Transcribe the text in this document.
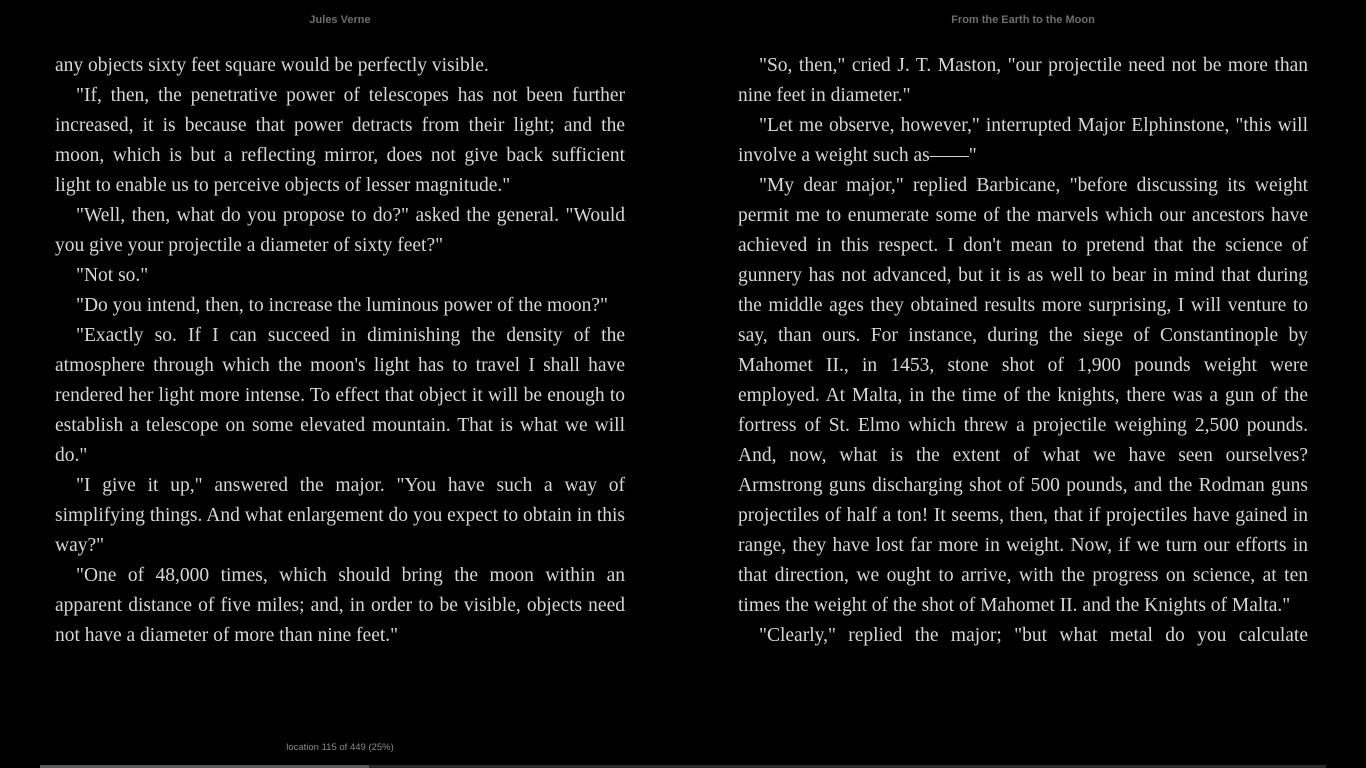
Jules Verne	From the Earth to the Moon

any objects sixty feet square would be perfectly visible.

"If, then, the penetrative power of telescopes has not been further increased, it is because that power detracts from their light; and the moon, which is but a reflecting mirror, does not give back sufficient light to enable us to perceive objects of lesser magnitude."

"Well, then, what do you propose to do?" asked the general. "Would you give your projectile a diameter of sixty feet?"

"Not so."

"Do you intend, then, to increase the luminous power of the moon?"

"Exactly so. If I can succeed in diminishing the density of the atmosphere through which the moon's light has to travel I shall have rendered her light more intense. To effect that object it will be enough to establish a telescope on some elevated mountain. That is what we will do."

"I give it up," answered the major. "You have such a way of simplifying things. And what enlargement do you expect to obtain in this way?"

"One of 48,000 times, which should bring the moon within an apparent distance of five miles; and, in order to be visible, objects need not have a diameter of more than nine feet."

"So, then," cried J. T. Maston, "our projectile need not be more than nine feet in diameter."

"Let me observe, however," interrupted Major Elphinstone, "this will involve a weight such as——"

"My dear major," replied Barbicane, "before discussing its weight permit me to enumerate some of the marvels which our ancestors have achieved in this respect. I don't mean to pretend that the science of gunnery has not advanced, but it is as well to bear in mind that during the middle ages they obtained results more surprising, I will venture to say, than ours. For instance, during the siege of Constantinople by Mahomet II., in 1453, stone shot of 1,900 pounds weight were employed. At Malta, in the time of the knights, there was a gun of the fortress of St. Elmo which threw a projectile weighing 2,500 pounds. And, now, what is the extent of what we have seen ourselves? Armstrong guns discharging shot of 500 pounds, and the Rodman guns projectiles of half a ton! It seems, then, that if projectiles have gained in range, they have lost far more in weight. Now, if we turn our efforts in that direction, we ought to arrive, with the progress on science, at ten times the weight of the shot of Mahomet II. and the Knights of Malta."

"Clearly," replied the major; "but what metal do you calculate

location 115 of 449 (25%)
